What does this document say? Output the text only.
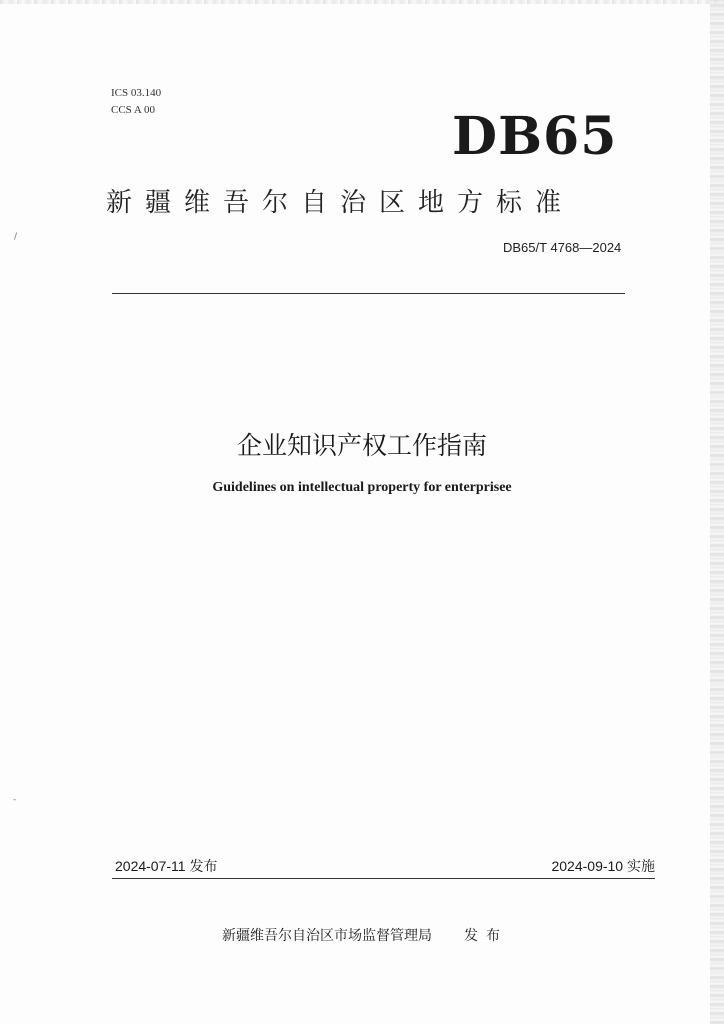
ICS 03.140
CCS A 00	DB65
新疆维吾尔自治区地方标准
DB65/T 4768—2024
企业知识产权工作指南
Guidelines on intellectual property for enterprisee
/
-
2024-07-11 发布	2024-09-10 实施
新疆维吾尔自治区市场监督管理局 发布
